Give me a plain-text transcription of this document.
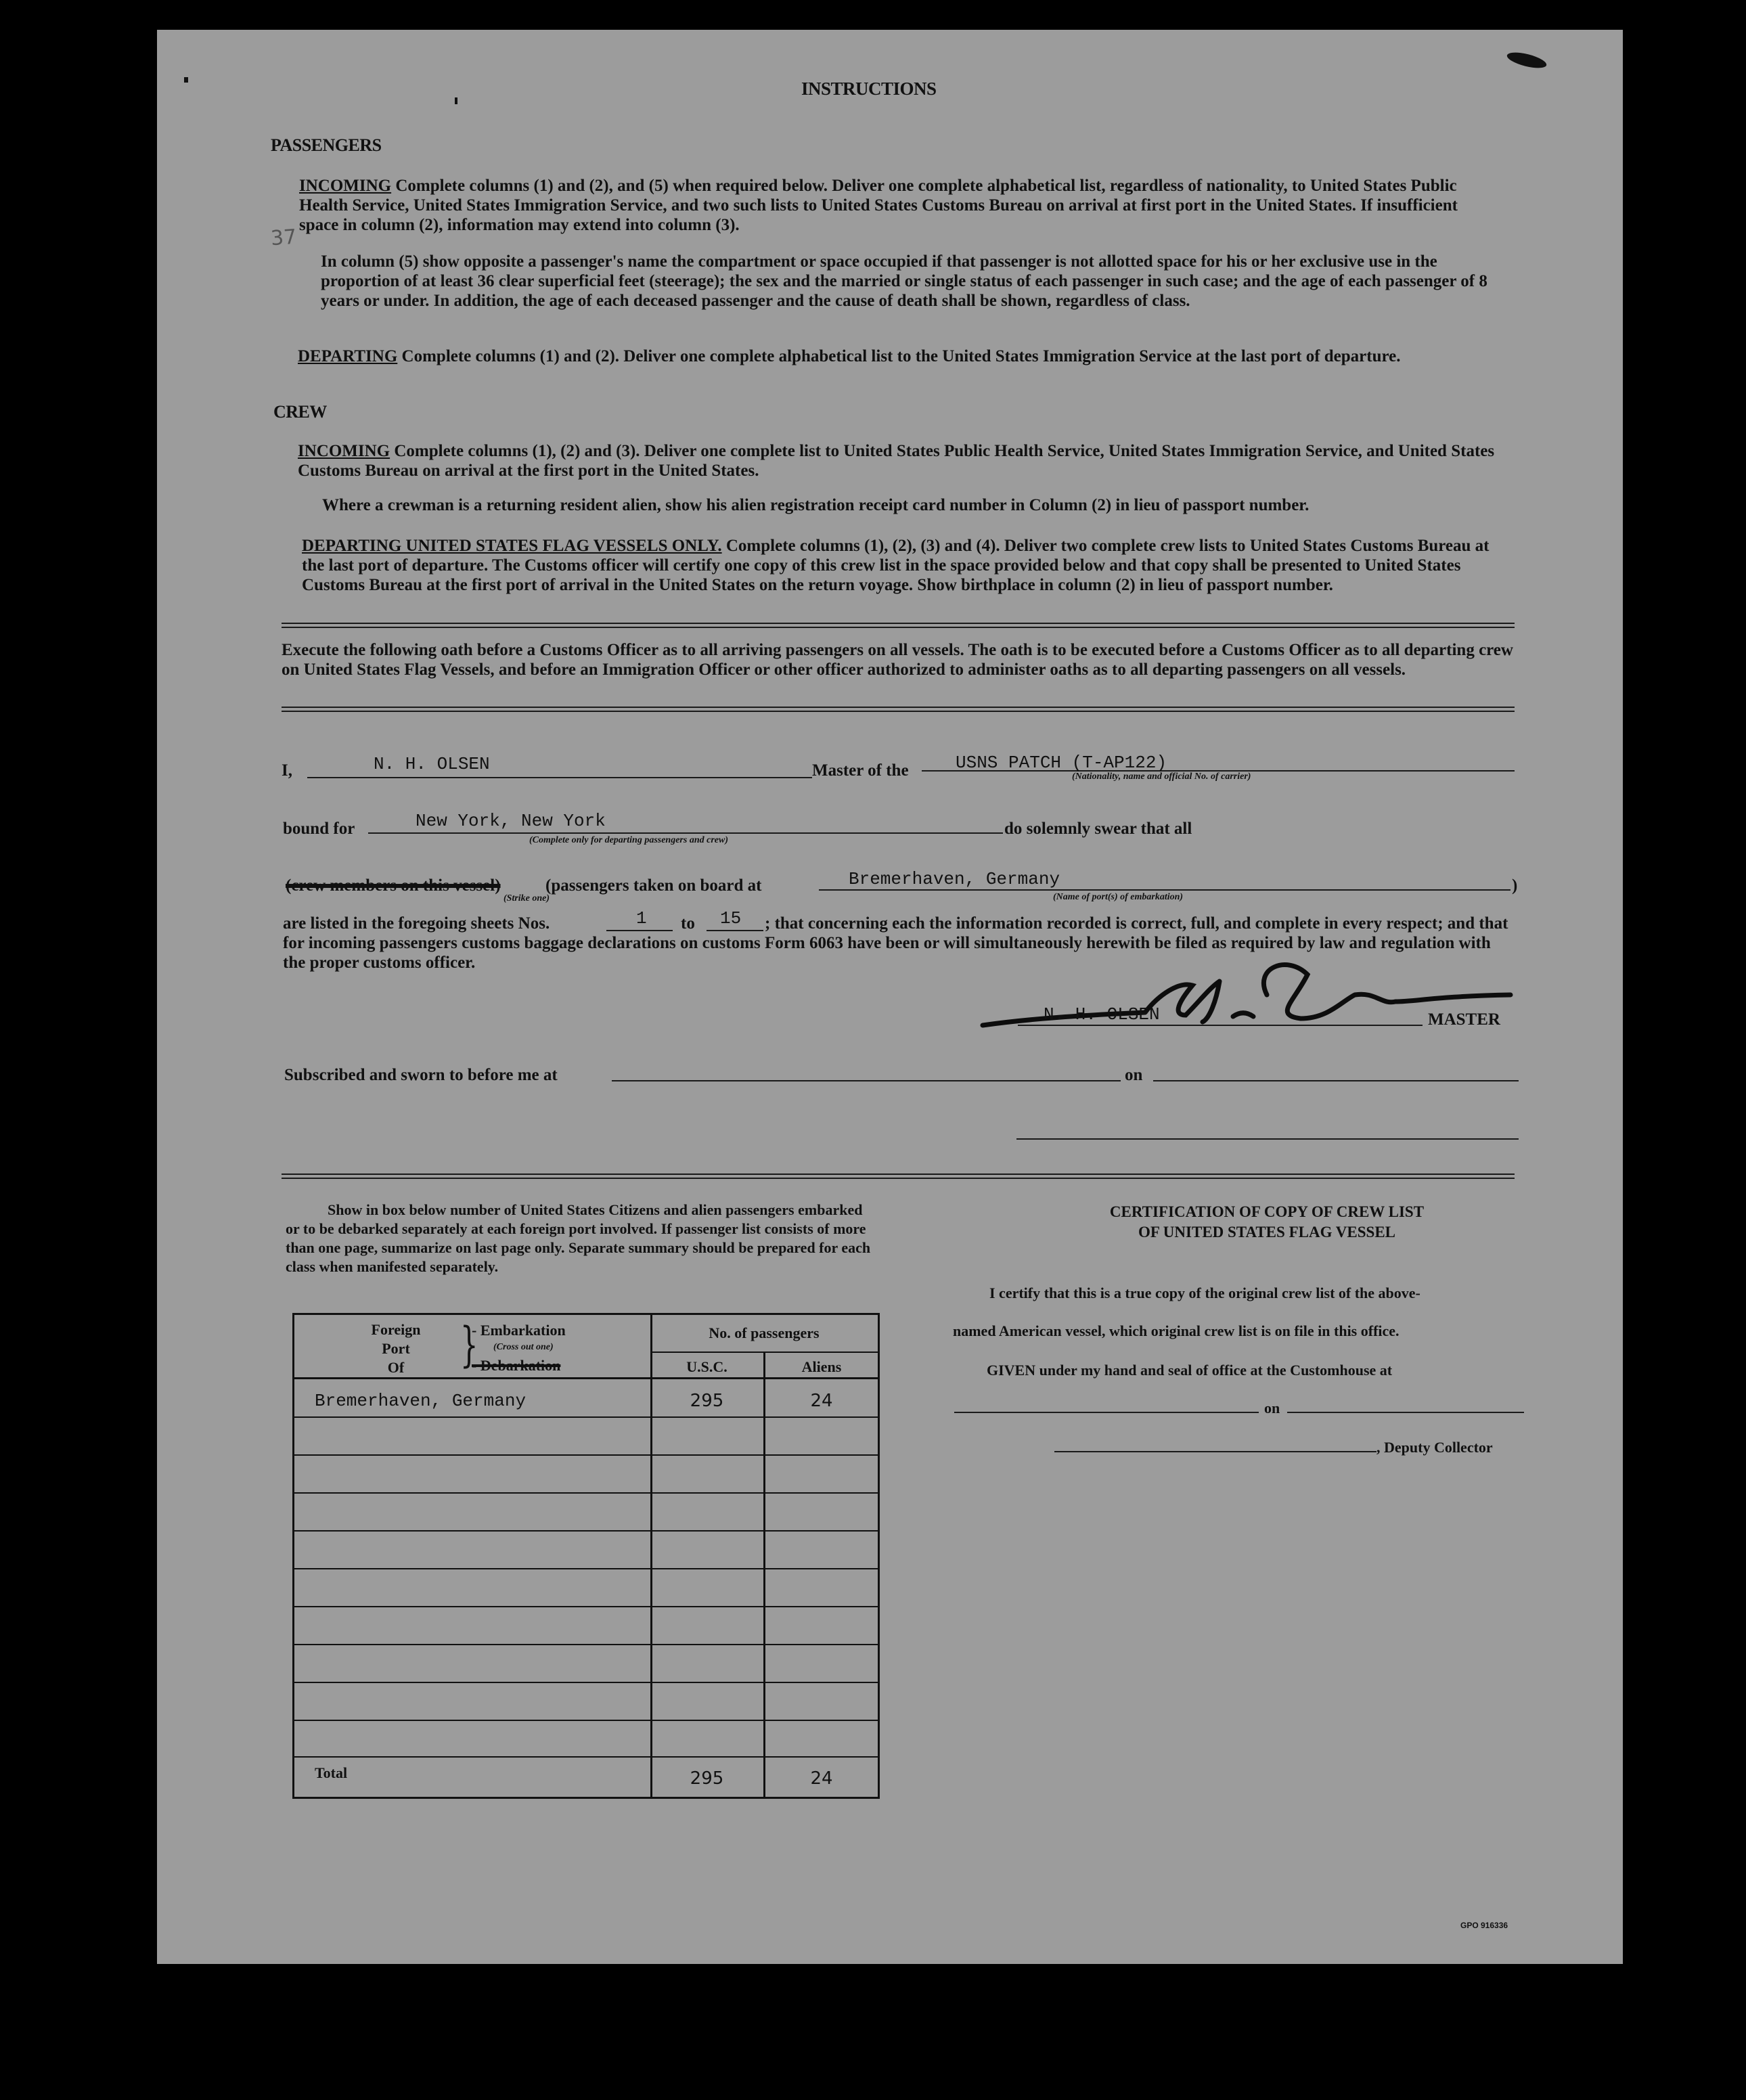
INSTRUCTIONS
37
PASSENGERS
INCOMING Complete columns (1) and (2), and (5) when required below. Deliver one complete alphabetical list, regardless of nationality, to United States Public Health Service, United States Immigration Service, and two such lists to United States Customs Bureau on arrival at first port in the United States. If insufficient space in column (2), information may extend into column (3).
In column (5) show opposite a passenger's name the compartment or space occupied if that passenger is not allotted space for his or her exclusive use in the proportion of at least 36 clear superficial feet (steerage); the sex and the married or single status of each passenger in such case; and the age of each passenger of 8 years or under. In addition, the age of each deceased passenger and the cause of death shall be shown, regardless of class.
DEPARTING Complete columns (1) and (2). Deliver one complete alphabetical list to the United States Immigration Service at the last port of departure.
CREW
INCOMING Complete columns (1), (2) and (3). Deliver one complete list to United States Public Health Service, United States Immigration Service, and United States Customs Bureau on arrival at the first port in the United States.
Where a crewman is a returning resident alien, show his alien registration receipt card number in Column (2) in lieu of passport number.
DEPARTING UNITED STATES FLAG VESSELS ONLY. Complete columns (1), (2), (3) and (4). Deliver two complete crew lists to United States Customs Bureau at the last port of departure. The Customs officer will certify one copy of this crew list in the space provided below and that copy shall be presented to United States Customs Bureau at the first port of arrival in the United States on the return voyage. Show birthplace in column (2) in lieu of passport number.
Execute the following oath before a Customs Officer as to all arriving passengers on all vessels. The oath is to be executed before a Customs Officer as to all departing crew on United States Flag Vessels, and before an Immigration Officer or other officer authorized to administer oaths as to all departing passengers on all vessels.
I,	N. H. OLSEN	Master of the	USNS PATCH (T-AP122)
(Nationality, name and official No. of carrier)
bound for	New York, New York
(Complete only for departing passengers and crew)
do solemnly swear that all
(crew members on this vessel)	(passengers taken on board at	Bremerhaven, Germany
(Name of port(s) of embarkation)
)
(Strike one)
are listed in the foregoing sheets Nos.	1 to 15	; that concerning each the information recorded is correct, full, and complete in every respect; and that for incoming passengers customs baggage declarations on customs Form 6063 have been or will simultaneously herewith be filed as required by law and regulation with the proper customs officer.
N. H. OLSEN	MASTER
Subscribed and sworn to before me at	on
Show in box below number of United States Citizens and alien passengers embarked or to be debarked separately at each foreign port involved. If passenger list consists of more than one page, summarize on last page only. Separate summary should be prepared for each class when manifested separately.
Foreign
Port
Of	}
- Embarkation
(Cross out one)
- Debarkation
No. of passengers
U.S.C.	Aliens
Bremerhaven, Germany	295	24
Total	295	24
CERTIFICATION OF COPY OF CREW LIST
OF UNITED STATES FLAG VESSEL
I certify that this is a true copy of the original crew list of the above-
named American vessel, which original crew list is on file in this office.
GIVEN under my hand and seal of office at the Customhouse at
on
, Deputy Collector
GPO 916336
